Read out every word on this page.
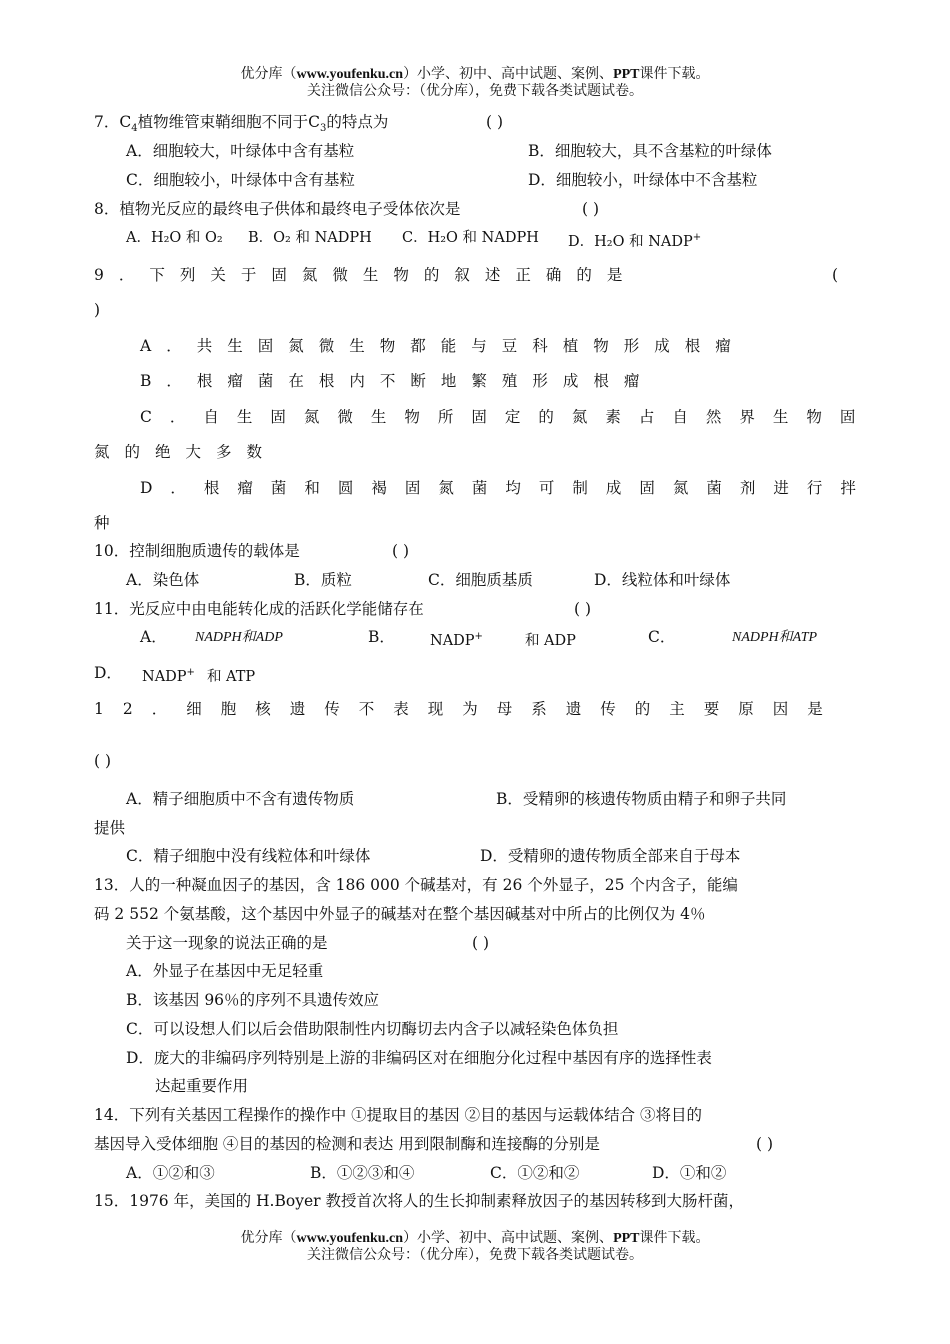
优分库（www.youfenku.cn）小学、初中、高中试题、案例、PPT课件下载。
关注微信公众号：（优分库），免费下载各类试题试卷。
7．$C_4$植物维管束鞘细胞不同于$C_3$的特点为	( )
A．细胞较大，叶绿体中含有基粒	B．细胞较大，具不含基粒的叶绿体
C．细胞较小，叶绿体中含有基粒	D．细胞较小，叶绿体中不含基粒
8．植物光反应的最终电子供体和最终电子受体依次是	( )
A．H₂O 和 O₂ B．O₂ 和 NADPH C．H₂O 和 NADPH D．H₂O 和 NADP+
9．下列关于固氮微生物的叙述正确的是	(
)
A．共生固氮微生物都能与豆科植物形成根瘤
B．根瘤菌在根内不断地繁殖形成根瘤
C．自生固氮微生物所固定的氮素占自然界生物固
氮的绝大多数
D．根瘤菌和圆褐固氮菌均可制成固氮菌剂进行拌
种
10．控制细胞质遗传的载体是	( )
A．染色体	B．质粒	C．细胞质基质	D．线粒体和叶绿体
11．光反应中由电能转化成的活跃化学能储存在	( )
A． NADPH和ADP	B． NADP+	和 ADP	C．	NADPH和ATP
D． NADP+ 和 ATP
12．细胞核遗传不表现为母系遗传的主要原因是
( )
A．精子细胞质中不含有遗传物质	B．受精卵的核遗传物质由精子和卵子共同
提供
C．精子细胞中没有线粒体和叶绿体	D．受精卵的遗传物质全部来自于母本
13．人的一种凝血因子的基因，含 186 000 个碱基对，有 26 个外显子，25 个内含子，能编
码 2 552 个氨基酸，这个基因中外显子的碱基对在整个基因碱基对中所占的比例仅为 4％
关于这一现象的说法正确的是	( )
A．外显子在基因中无足轻重
B．该基因 96％的序列不具遗传效应
C．可以设想人们以后会借助限制性内切酶切去内含子以减轻染色体负担
D．庞大的非编码序列特别是上游的非编码区对在细胞分化过程中基因有序的选择性表
达起重要作用
14．下列有关基因工程操作的操作中 ①提取目的基因 ②目的基因与运载体结合 ③将目的
基因导入受体细胞 ④目的基因的检测和表达 用到限制酶和连接酶的分别是	( )
A．①②和③	B．①②③和④	C．①②和②	D．①和②
15．1976 年，美国的 H.Boyer 教授首次将人的生长抑制素释放因子的基因转移到大肠杆菌，
优分库（www.youfenku.cn）小学、初中、高中试题、案例、PPT课件下载。
关注微信公众号：（优分库），免费下载各类试题试卷。
